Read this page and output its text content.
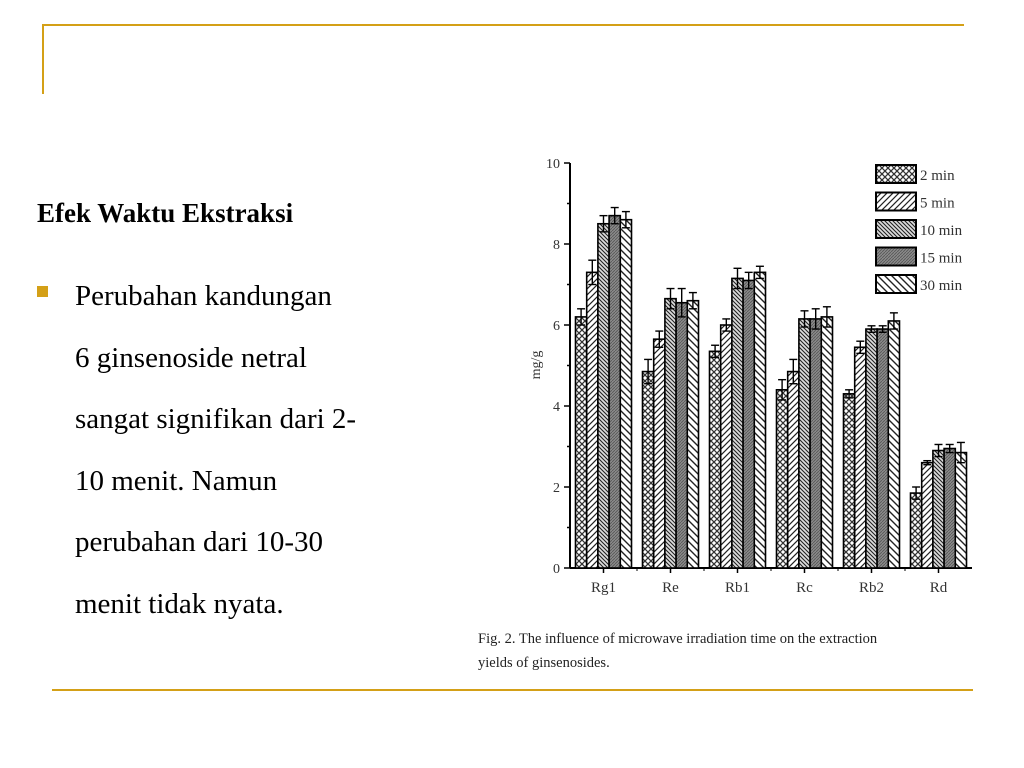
Efek Waktu Ekstraksi
Perubahan kandungan
6 ginsenoside netral
sangat signifikan dari 2-
10 menit. Namun
perubahan dari 10-30
menit tidak nyata.
0
2
4
6
8
10
Rg1	Re	Rb1	Rc	Rb2	Rd
2 min
5 min
10 min
15 min
30 min
mg/g
Fig. 2. The influence of microwave irradiation time on the extraction
yields of ginsenosides.
